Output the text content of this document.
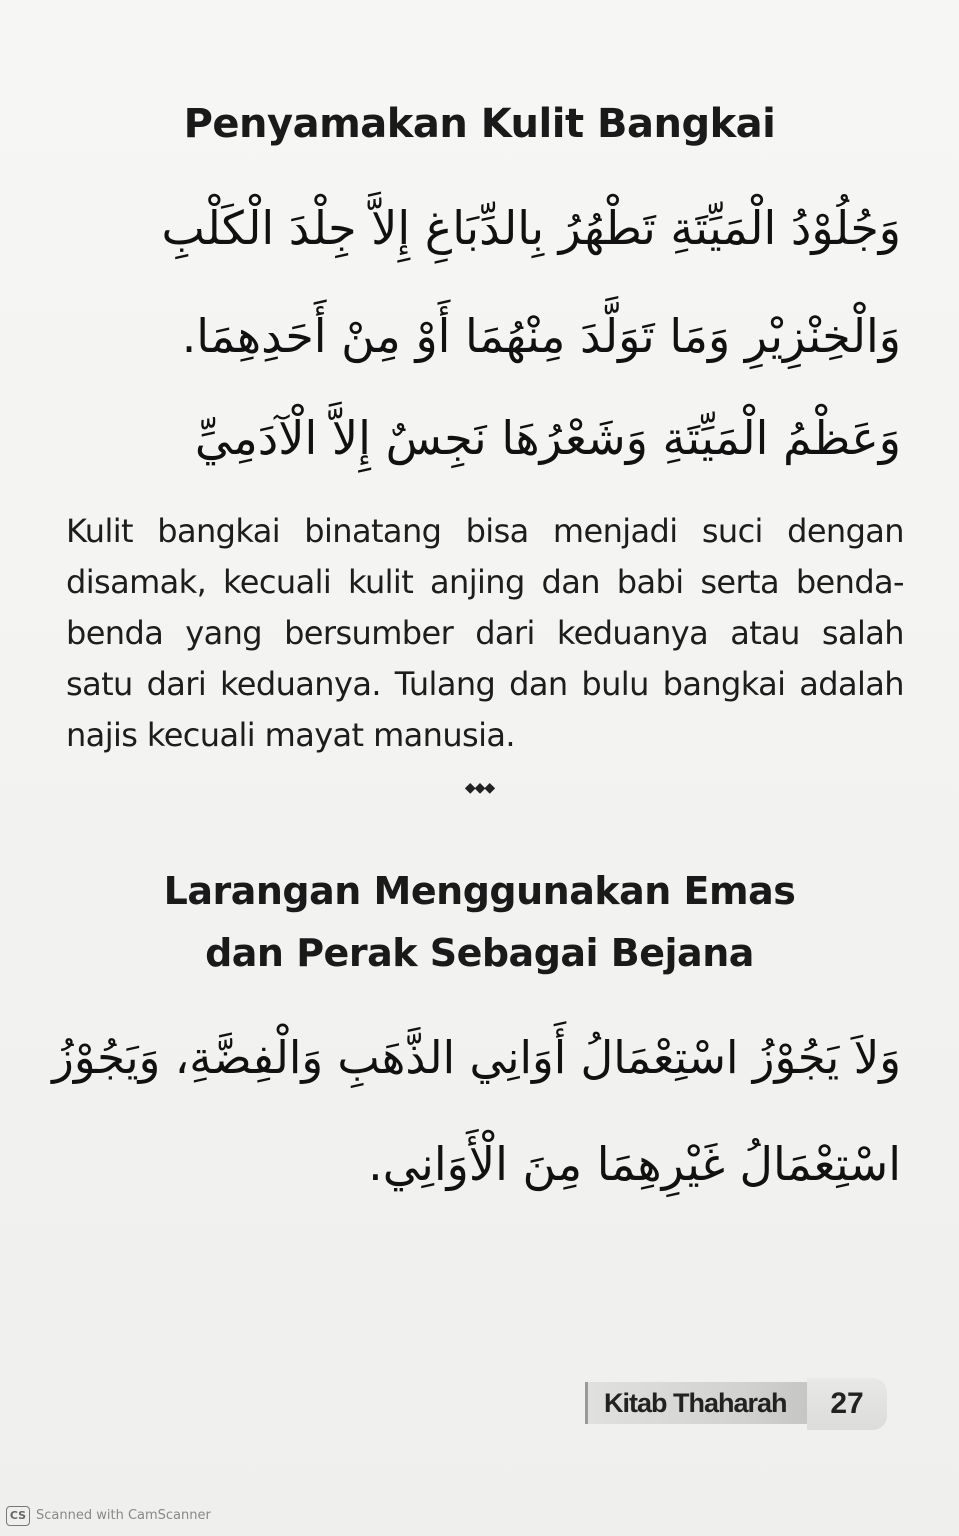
Penyamakan Kulit Bangkai
وَجُلُوْدُ الْمَيِّتَةِ تَطْهُرُ بِالدِّبَاغِ إِلاَّ جِلْدَ الْكَلْبِ
وَالْخِنْزِيْرِ وَمَا تَوَلَّدَ مِنْهُمَا أَوْ مِنْ أَحَدِهِمَا.
وَعَظْمُ الْمَيِّتَةِ وَشَعْرُهَا نَجِسٌ إِلاَّ الْآدَمِيِّ
Kulit bangkai binatang bisa menjadi suci dengan disamak, kecuali kulit anjing dan babi serta benda-benda yang bersumber dari keduanya atau salah satu dari keduanya. Tulang dan bulu bangkai adalah najis kecuali mayat manusia.
◆◆◆
Larangan Menggunakan Emas
dan Perak Sebagai Bejana
وَلاَ يَجُوْزُ اسْتِعْمَالُ أَوَانِي الذَّهَبِ وَالْفِضَّةِ، وَيَجُوْزُ
اسْتِعْمَالُ غَيْرِهِمَا مِنَ الْأَوَانِي.
Kitab Thaharah	27
CS Scanned with CamScanner
